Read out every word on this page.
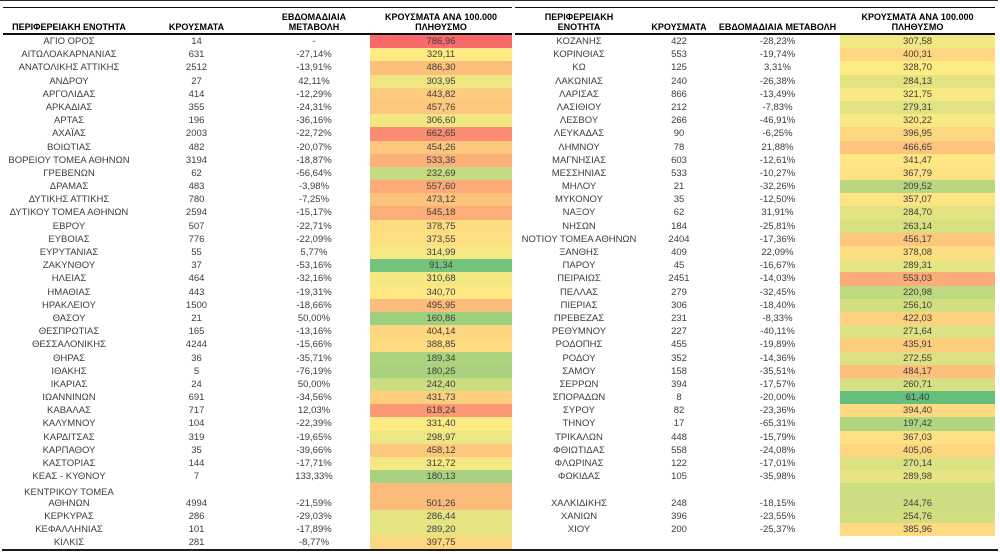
ΠΕΡΙΦΕΡΕΙΑΚΗ ΕΝΟΤΗΤΑ	ΚΡΟΥΣΜΑΤΑ
ΕΒΔΟΜΑΔΙΑΙΑ ΜΕΤΑΒΟΛΗ
ΚΡΟΥΣΜΑΤΑ ΑΝΑ 100.000 ΠΛΗΘΥΣΜΟ
ΑΓΙΟ ΟΡΟΣ	14	-	786,96
ΑΙΤΩΛΟΑΚΑΡΝΑΝΙΑΣ	631	-27,14%	329,11
ΑΝΑΤΟΛΙΚΗΣ ΑΤΤΙΚΗΣ	2512	-13,91%	486,30
ΑΝΔΡΟΥ	27	42,11%	303,95
ΑΡΓΟΛΙΔΑΣ	414	-12,29%	443,82
ΑΡΚΑΔΙΑΣ	355	-24,31%	457,76
ΑΡΤΑΣ	196	-36,16%	306,60
ΑΧΑΪΑΣ	2003	-22,72%	662,65
ΒΟΙΩΤΙΑΣ	482	-20,07%	454,26
ΒΟΡΕΙΟΥ ΤΟΜΕΑ ΑΘΗΝΩΝ	3194	-18,87%	533,36
ΓΡΕΒΕΝΩΝ	62	-56,64%	232,69
ΔΡΑΜΑΣ	483	-3,98%	557,60
ΔΥΤΙΚΗΣ ΑΤΤΙΚΗΣ	780	-7,25%	473,12
ΔΥΤΙΚΟΥ ΤΟΜΕΑ ΑΘΗΝΩΝ	2594	-15,17%	545,18
ΕΒΡΟΥ	507	-22,71%	378,75
ΕΥΒΟΙΑΣ	776	-22,09%	373,55
ΕΥΡΥΤΑΝΙΑΣ	55	5,77%	314,99
ΖΑΚΥΝΘΟΥ	37	-53,16%	91,34
ΗΛΕΙΑΣ	464	-32,16%	310,68
ΗΜΑΘΙΑΣ	443	-19,31%	340,70
ΗΡΑΚΛΕΙΟΥ	1500	-18,66%	495,95
ΘΑΣΟΥ	21	50,00%	160,86
ΘΕΣΠΡΩΤΙΑΣ	165	-13,16%	404,14
ΘΕΣΣΑΛΟΝΙΚΗΣ	4244	-15,66%	388,85
ΘΗΡΑΣ	36	-35,71%	189,34
ΙΘΑΚΗΣ	5	-76,19%	180,25
ΙΚΑΡΙΑΣ	24	50,00%	242,40
ΙΩΑΝΝΙΝΩΝ	691	-34,56%	431,73
ΚΑΒΑΛΑΣ	717	12,03%	618,24
ΚΑΛΥΜΝΟΥ	104	-22,39%	331,40
ΚΑΡΔΙΤΣΑΣ	319	-19,65%	298,97
ΚΑΡΠΑΘΟΥ	35	-39,66%	458,12
ΚΑΣΤΟΡΙΑΣ	144	-17,71%	312,72
ΚΕΑΣ - ΚΥΘΝΟΥ	7	133,33%	180,13
ΚΕΝΤΡΙΚΟΥ ΤΟΜΕΑ ΑΘΗΝΩΝ	4994	-21,59%	501,26
ΚΕΡΚΥΡΑΣ	286	-29,03%	286,44
ΚΕΦΑΛΛΗΝΙΑΣ	101	-17,89%	289,20
ΚΙΛΚΙΣ	281	-8,77%	397,75
ΠΕΡΙΦΕΡΕΙΑΚΗ ΕΝΟΤΗΤΑ	ΚΡΟΥΣΜΑΤΑ	ΕΒΔΟΜΑΔΙΑΙΑ ΜΕΤΑΒΟΛΗ
ΚΡΟΥΣΜΑΤΑ ΑΝΑ 100.000 ΠΛΗΘΥΣΜΟ
ΚΟΖΑΝΗΣ	422	-28,23%	307,58
ΚΟΡΙΝΘΙΑΣ	553	-19,74%	400,31
ΚΩ	125	3,31%	328,70
ΛΑΚΩΝΙΑΣ	240	-26,38%	284,13
ΛΑΡΙΣΑΣ	866	-13,49%	321,75
ΛΑΣΙΘΙΟΥ	212	-7,83%	279,31
ΛΕΣΒΟΥ	266	-46,91%	320,22
ΛΕΥΚΑΔΑΣ	90	-6,25%	396,95
ΛΗΜΝΟΥ	78	21,88%	466,65
ΜΑΓΝΗΣΙΑΣ	603	-12,61%	341,47
ΜΕΣΣΗΝΙΑΣ	533	-10,27%	367,79
ΜΗΛΟΥ	21	-32,26%	209,52
ΜΥΚΟΝΟΥ	35	-12,50%	357,07
ΝΑΞΟΥ	62	31,91%	284,70
ΝΗΣΩΝ	184	-25,81%	263,14
ΝΟΤΙΟΥ ΤΟΜΕΑ ΑΘΗΝΩΝ	2404	-17,36%	456,17
ΞΑΝΘΗΣ	409	22,09%	378,08
ΠΑΡΟΥ	45	-16,67%	289,31
ΠΕΙΡΑΙΩΣ	2451	-14,03%	553,03
ΠΕΛΛΑΣ	279	-32,45%	220,98
ΠΙΕΡΙΑΣ	306	-18,40%	256,10
ΠΡΕΒΕΖΑΣ	231	-8,33%	422,03
ΡΕΘΥΜΝΟΥ	227	-40,11%	271,64
ΡΟΔΟΠΗΣ	455	-19,89%	435,91
ΡΟΔΟΥ	352	-14,36%	272,55
ΣΑΜΟΥ	158	-35,51%	484,17
ΣΕΡΡΩΝ	394	-17,57%	260,71
ΣΠΟΡΑΔΩΝ	8	-20,00%	61,40
ΣΥΡΟΥ	82	-23,36%	394,40
ΤΗΝΟΥ	17	-65,31%	197,42
ΤΡΙΚΑΛΩΝ	448	-15,79%	367,03
ΦΘΙΩΤΙΔΑΣ	558	-24,08%	405,06
ΦΛΩΡΙΝΑΣ	122	-17,01%	270,14
ΦΩΚΙΔΑΣ	105	-35,98%	289,98
ΧΑΛΚΙΔΙΚΗΣ	248	-18,15%	244,76
ΧΑΝΙΩΝ	396	-23,55%	254,76
ΧΙΟΥ	200	-25,37%	385,96
